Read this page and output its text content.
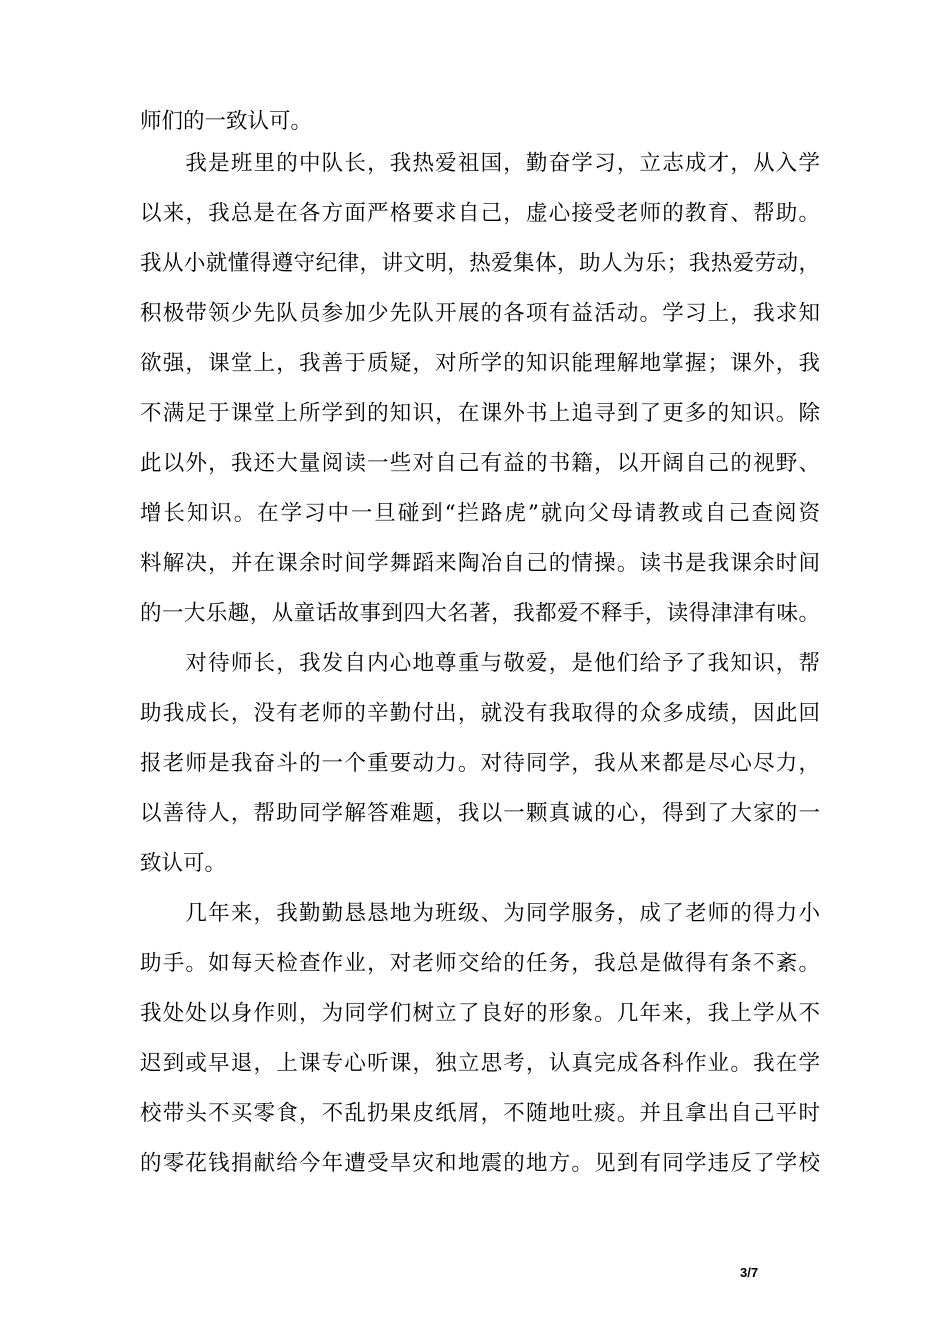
师们的一致认可。
　　我是班里的中队长，我热爱祖国，勤奋学习，立志成才，从入学
以来，我总是在各方面严格要求自己，虚心接受老师的教育、帮助。
我从小就懂得遵守纪律，讲文明，热爱集体，助人为乐；我热爱劳动，
积极带领少先队员参加少先队开展的各项有益活动。学习上，我求知
欲强，课堂上，我善于质疑，对所学的知识能理解地掌握；课外，我
不满足于课堂上所学到的知识，在课外书上追寻到了更多的知识。除
此以外，我还大量阅读一些对自己有益的书籍，以开阔自己的视野、
增长知识。在学习中一旦碰到“拦路虎”就向父母请教或自己查阅资
料解决，并在课余时间学舞蹈来陶冶自己的情操。读书是我课余时间
的一大乐趣，从童话故事到四大名著，我都爱不释手，读得津津有味。
　　对待师长，我发自内心地尊重与敬爱，是他们给予了我知识，帮
助我成长，没有老师的辛勤付出，就没有我取得的众多成绩，因此回
报老师是我奋斗的一个重要动力。对待同学，我从来都是尽心尽力，
以善待人，帮助同学解答难题，我以一颗真诚的心，得到了大家的一
致认可。
　　几年来，我勤勤恳恳地为班级、为同学服务，成了老师的得力小
助手。如每天检查作业，对老师交给的任务，我总是做得有条不紊。
我处处以身作则，为同学们树立了良好的形象。几年来，我上学从不
迟到或早退，上课专心听课，独立思考，认真完成各科作业。我在学
校带头不买零食，不乱扔果皮纸屑，不随地吐痰。并且拿出自己平时
的零花钱捐献给今年遭受旱灾和地震的地方。见到有同学违反了学校
3/7
